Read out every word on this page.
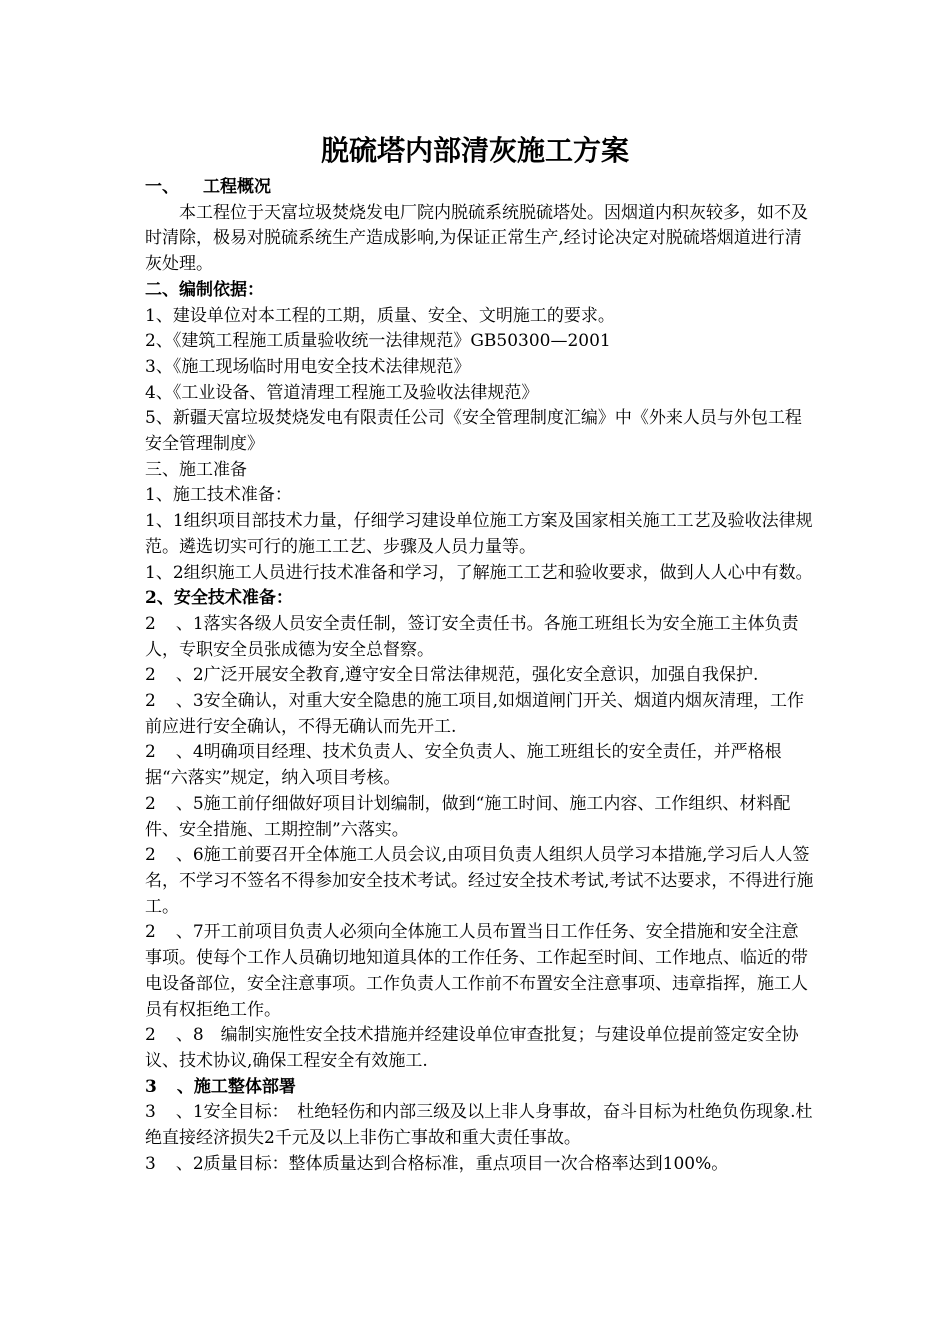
脱硫塔内部清灰施工方案

一、 工程概况

本工程位于天富垃圾焚烧发电厂院内脱硫系统脱硫塔处。因烟道内积灰较多，如不及时清除，极易对脱硫系统生产造成影响,为保证正常生产,经讨论决定对脱硫塔烟道进行清灰处理。

二、编制依据：

1、建设单位对本工程的工期，质量、安全、文明施工的要求。

2、《建筑工程施工质量验收统一法律规范》GB50300—2001

3、《施工现场临时用电安全技术法律规范》

4、《工业设备、管道清理工程施工及验收法律规范》

5、新疆天富垃圾焚烧发电有限责任公司《安全管理制度汇编》中《外来人员与外包工程安全管理制度》

三、施工准备

1、施工技术准备：

1、1组织项目部技术力量，仔细学习建设单位施工方案及国家相关施工工艺及验收法律规范。遴选切实可行的施工工艺、步骤及人员力量等。

1、2组织施工人员进行技术准备和学习，了解施工工艺和验收要求，做到人人心中有数。

2、安全技术准备：

2 、1落实各级人员安全责任制，签订安全责任书。各施工班组长为安全施工主体负责人，专职安全员张成德为安全总督察。

2 、2广泛开展安全教育,遵守安全日常法律规范，强化安全意识，加强自我保护.

2 、3安全确认，对重大安全隐患的施工项目,如烟道闸门开关、烟道内烟灰清理，工作前应进行安全确认，不得无确认而先开工.

2 、4明确项目经理、技术负责人、安全负责人、施工班组长的安全责任，并严格根据“六落实”规定，纳入项目考核。

2 、5施工前仔细做好项目计划编制，做到“施工时间、施工内容、工作组织、材料配件、安全措施、工期控制”六落实。

2 、6施工前要召开全体施工人员会议,由项目负责人组织人员学习本措施,学习后人人签名，不学习不签名不得参加安全技术考试。经过安全技术考试,考试不达要求，不得进行施工。

2 、7开工前项目负责人必须向全体施工人员布置当日工作任务、安全措施和安全注意事项。使每个工作人员确切地知道具体的工作任务、工作起至时间、工作地点、临近的带电设备部位，安全注意事项。工作负责人工作前不布置安全注意事项、违章指挥，施工人员有权拒绝工作。

2 、8　编制实施性安全技术措施并经建设单位审查批复；与建设单位提前签定安全协议、技术协议,确保工程安全有效施工.

3 、施工整体部署

3 、1安全目标：　杜绝轻伤和内部三级及以上非人身事故，奋斗目标为杜绝负伤现象.杜绝直接经济损失2千元及以上非伤亡事故和重大责任事故。

3 、2质量目标：整体质量达到合格标准，重点项目一次合格率达到100%。
